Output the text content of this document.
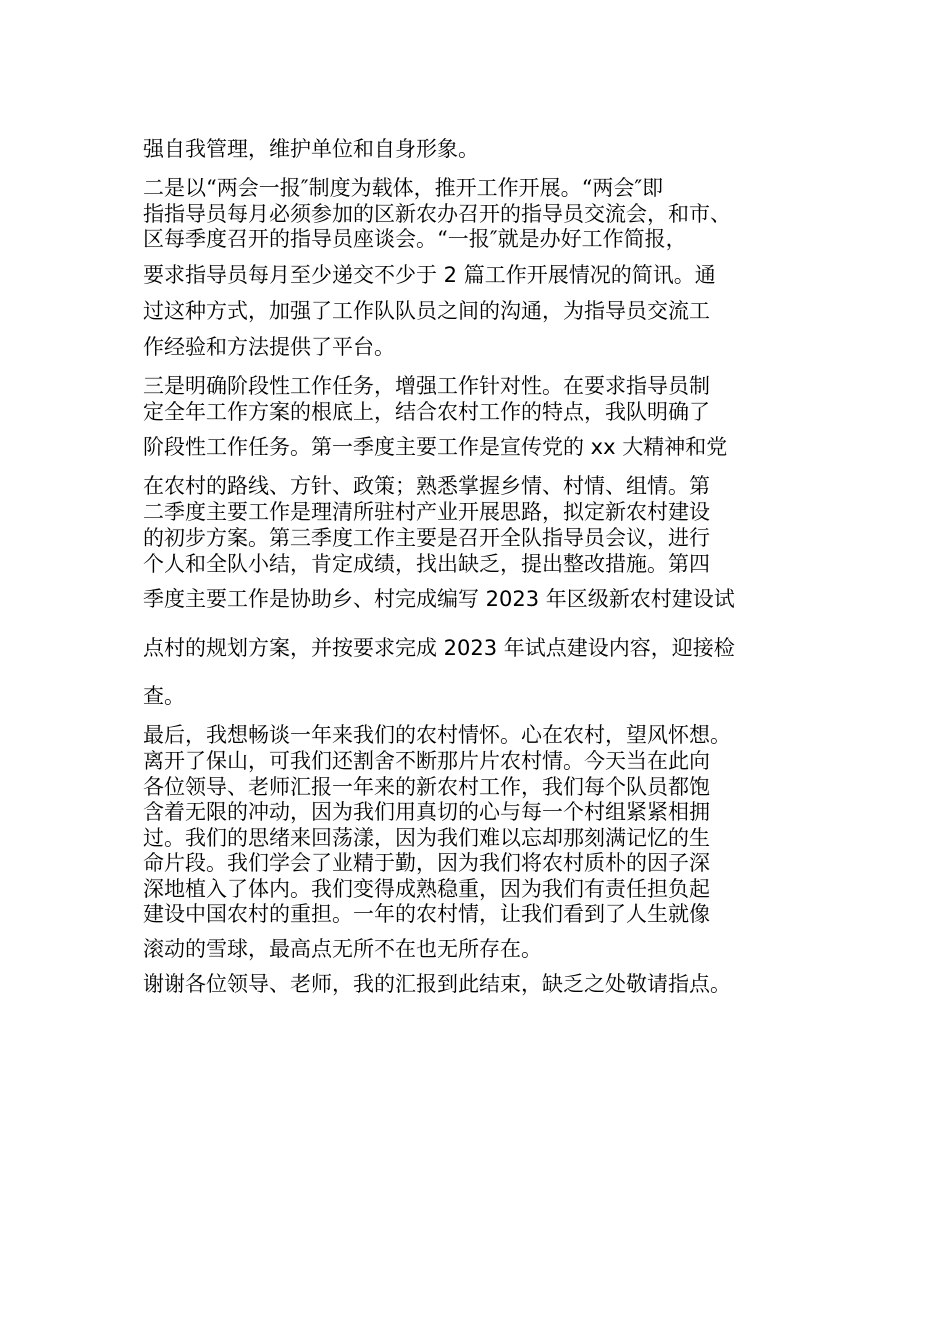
强自我管理，维护单位和自身形象。

二是以“两会一报″制度为载体，推开工作开展。“两会″即

指指导员每月必须参加的区新农办召开的指导员交流会，和市、

区每季度召开的指导员座谈会。“一报″就是办好工作简报，

要求指导员每月至少递交不少于 2 篇工作开展情况的简讯。通

过这种方式，加强了工作队队员之间的沟通，为指导员交流工

作经验和方法提供了平台。

三是明确阶段性工作任务，增强工作针对性。在要求指导员制

定全年工作方案的根底上，结合农村工作的特点，我队明确了

阶段性工作任务。第一季度主要工作是宣传党的 xx 大精神和党

在农村的路线、方针、政策；熟悉掌握乡情、村情、组情。第

二季度主要工作是理清所驻村产业开展思路，拟定新农村建设

的初步方案。第三季度工作主要是召开全队指导员会议，进行

个人和全队小结，肯定成绩，找出缺乏，提出整改措施。第四

季度主要工作是协助乡、村完成编写 2023 年区级新农村建设试

点村的规划方案，并按要求完成 2023 年试点建设内容，迎接检

查。

最后，我想畅谈一年来我们的农村情怀。心在农村，望风怀想。

离开了保山，可我们还割舍不断那片片农村情。今天当在此向

各位领导、老师汇报一年来的新农村工作，我们每个队员都饱

含着无限的冲动，因为我们用真切的心与每一个村组紧紧相拥

过。我们的思绪来回荡漾，因为我们难以忘却那刻满记忆的生

命片段。我们学会了业精于勤，因为我们将农村质朴的因子深

深地植入了体内。我们变得成熟稳重，因为我们有责任担负起

建设中国农村的重担。一年的农村情，让我们看到了人生就像

滚动的雪球，最高点无所不在也无所存在。

谢谢各位领导、老师，我的汇报到此结束，缺乏之处敬请指点。
